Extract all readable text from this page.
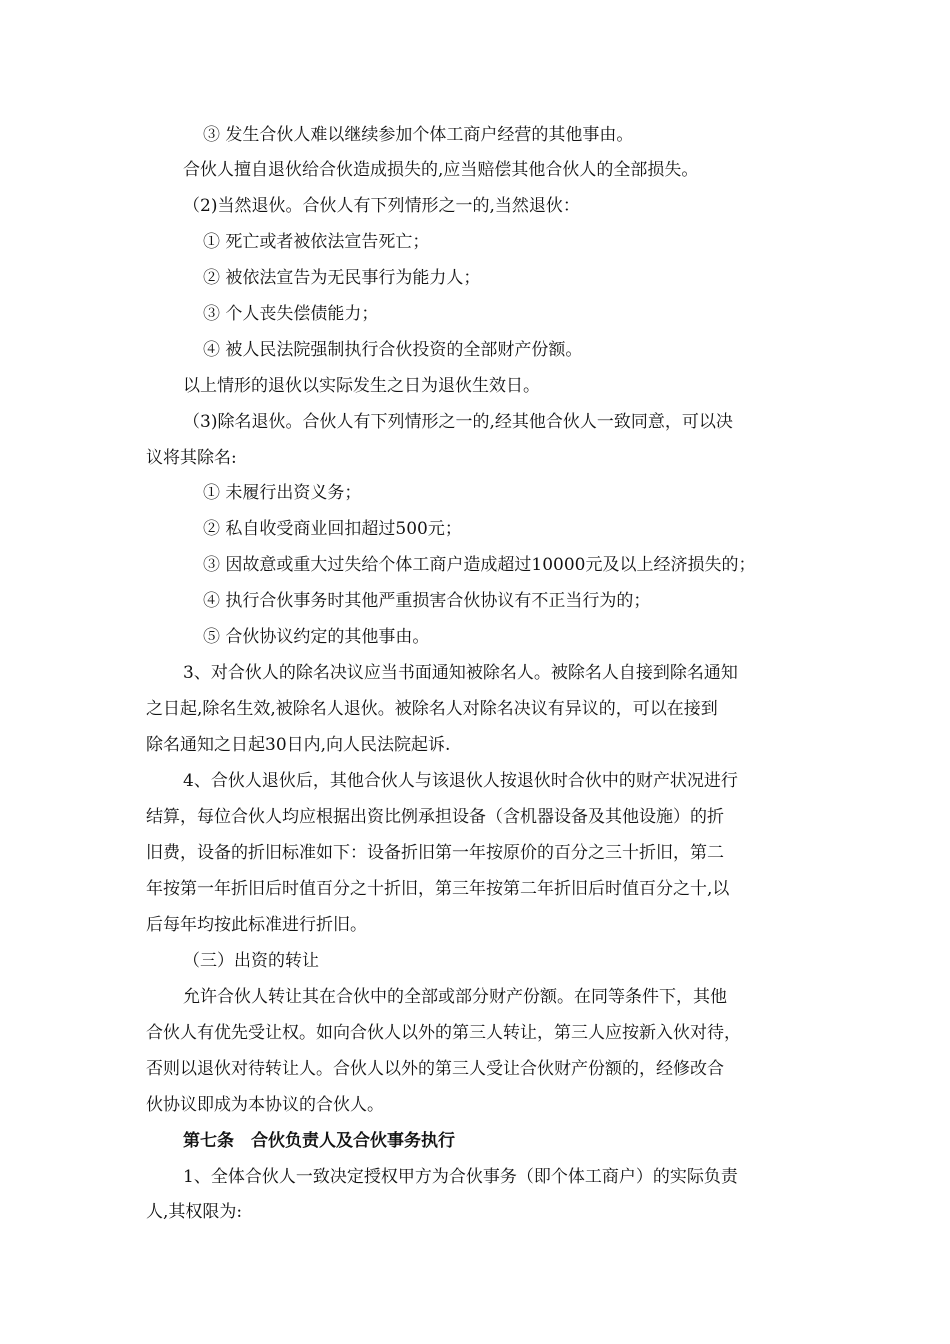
③ 发生合伙人难以继续参加个体工商户经营的其他事由。
合伙人擅自退伙给合伙造成损失的,应当赔偿其他合伙人的全部损失。
（2)当然退伙。合伙人有下列情形之一的,当然退伙：
① 死亡或者被依法宣告死亡；
② 被依法宣告为无民事行为能力人；
③ 个人丧失偿债能力；
④ 被人民法院强制执行合伙投资的全部财产份额。
以上情形的退伙以实际发生之日为退伙生效日。
（3)除名退伙。合伙人有下列情形之一的,经其他合伙人一致同意，可以决
议将其除名:
① 未履行出资义务；
② 私自收受商业回扣超过500元；
③ 因故意或重大过失给个体工商户造成超过10000元及以上经济损失的；
④ 执行合伙事务时其他严重损害合伙协议有不正当行为的；
⑤ 合伙协议约定的其他事由。
3、对合伙人的除名决议应当书面通知被除名人。被除名人自接到除名通知
之日起,除名生效,被除名人退伙。被除名人对除名决议有异议的，可以在接到
除名通知之日起30日内,向人民法院起诉.
4、合伙人退伙后，其他合伙人与该退伙人按退伙时合伙中的财产状况进行
结算，每位合伙人均应根据出资比例承担设备（含机器设备及其他设施）的折
旧费，设备的折旧标准如下：设备折旧第一年按原价的百分之三十折旧，第二
年按第一年折旧后时值百分之十折旧，第三年按第二年折旧后时值百分之十,以
后每年均按此标准进行折旧。
（三）出资的转让
允许合伙人转让其在合伙中的全部或部分财产份额。在同等条件下，其他
合伙人有优先受让权。如向合伙人以外的第三人转让，第三人应按新入伙对待，
否则以退伙对待转让人。合伙人以外的第三人受让合伙财产份额的，经修改合
伙协议即成为本协议的合伙人。
第七条　合伙负责人及合伙事务执行
1、全体合伙人一致决定授权甲方为合伙事务（即个体工商户）的实际负责
人,其权限为:
